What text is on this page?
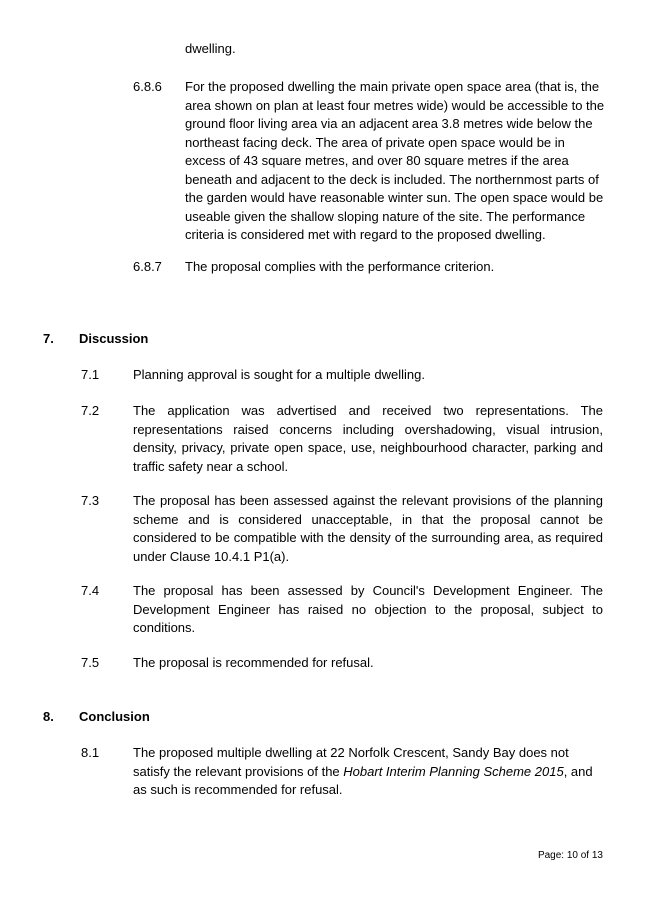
dwelling.

6.8.6	For the proposed dwelling the main private open space area (that is, the area shown on plan at least four metres wide) would be accessible to the ground floor living area via an adjacent area 3.8 metres wide below the northeast facing deck. The area of private open space would be in excess of 43 square metres, and over 80 square metres if the area beneath and adjacent to the deck is included. The northernmost parts of the garden would have reasonable winter sun. The open space would be useable given the shallow sloping nature of the site. The performance criteria is considered met with regard to the proposed dwelling.

6.8.7	The proposal complies with the performance criterion.

7. Discussion

7.1	Planning approval is sought for a multiple dwelling.

7.2	The application was advertised and received two representations. The representations raised concerns including overshadowing, visual intrusion, density, privacy, private open space, use, neighbourhood character, parking and traffic safety near a school.

7.3	The proposal has been assessed against the relevant provisions of the planning scheme and is considered unacceptable, in that the proposal cannot be considered to be compatible with the density of the surrounding area, as required under Clause 10.4.1 P1(a).

7.4	The proposal has been assessed by Council's Development Engineer. The Development Engineer has raised no objection to the proposal, subject to conditions.

7.5	The proposal is recommended for refusal.

8. Conclusion

8.1	The proposed multiple dwelling at 22 Norfolk Crescent, Sandy Bay does not satisfy the relevant provisions of the Hobart Interim Planning Scheme 2015, and as such is recommended for refusal.

Page: 10 of 13
